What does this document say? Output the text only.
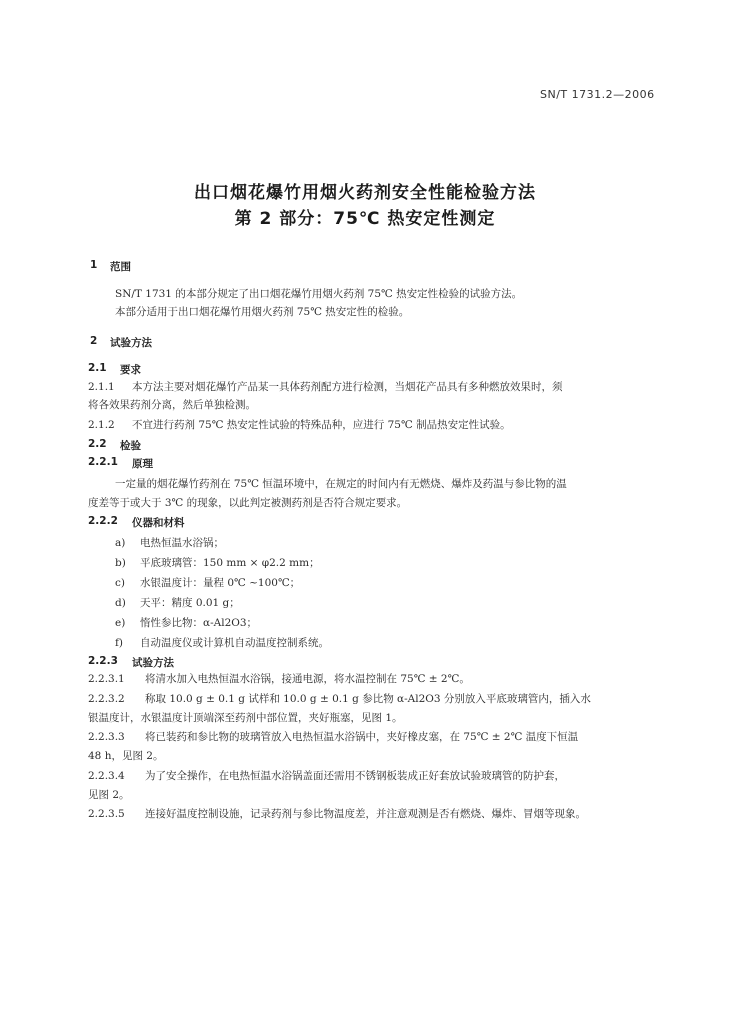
SN/T 1731.2—2006
出口烟花爆竹用烟火药剂安全性能检验方法
第 2 部分：75℃ 热安定性测定
1 范围
SN/T 1731 的本部分规定了出口烟花爆竹用烟火药剂 75℃ 热安定性检验的试验方法。
本部分适用于出口烟花爆竹用烟火药剂 75℃ 热安定性的检验。
2 试验方法
2.1 要求
2.1.1 本方法主要对烟花爆竹产品某一具体药剂配方进行检测，当烟花产品具有多种燃放效果时，须
将各效果药剂分离，然后单独检测。
2.1.2 不宜进行药剂 75℃ 热安定性试验的特殊品种，应进行 75℃ 制品热安定性试验。
2.2 检验
2.2.1 原理
一定量的烟花爆竹药剂在 75℃ 恒温环境中，在规定的时间内有无燃烧、爆炸及药温与参比物的温
度差等于或大于 3℃ 的现象，以此判定被测药剂是否符合规定要求。
2.2.2 仪器和材料
a) 电热恒温水浴锅；
b) 平底玻璃管：150 mm × φ2.2 mm；
c) 水银温度计：量程 0℃ ~100℃；
d) 天平：精度 0.01 g；
e) 惰性参比物：α-Al2O3；
f) 自动温度仪或计算机自动温度控制系统。
2.2.3 试验方法
2.2.3.1 将清水加入电热恒温水浴锅，接通电源，将水温控制在 75℃ ± 2℃。
2.2.3.2 称取 10.0 g ± 0.1 g 试样和 10.0 g ± 0.1 g 参比物 α-Al2O3 分别放入平底玻璃管内，插入水
银温度计，水银温度计顶端深至药剂中部位置，夹好瓶塞，见图 1。
2.2.3.3 将已装药和参比物的玻璃管放入电热恒温水浴锅中，夹好橡皮塞，在 75℃ ± 2℃ 温度下恒温
48 h，见图 2。
2.2.3.4 为了安全操作，在电热恒温水浴锅盖面还需用不锈钢板装成正好套放试验玻璃管的防护套，
见图 2。
2.2.3.5 连接好温度控制设施，记录药剂与参比物温度差，并注意观测是否有燃烧、爆炸、冒烟等现象。
